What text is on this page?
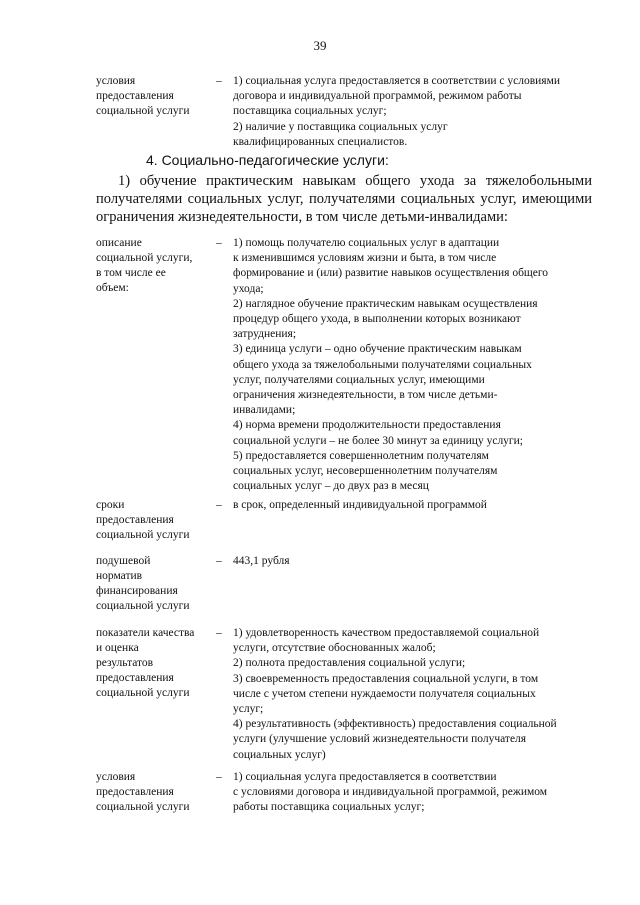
39
условия
предоставления
социальной услуги
– 1) социальная услуга предоставляется в соответствии с условиями
договора и индивидуальной программой, режимом работы
поставщика социальных услуг;
2) наличие у поставщика социальных услуг
квалифицированных специалистов.
4. Социально-педагогические услуги:
1) обучение практическим навыкам общего ухода за тяжелобольными
получателями социальных услуг, получателями социальных услуг, имеющими
ограничения жизнедеятельности, в том числе детьми-инвалидами:
описание
социальной услуги,
в том числе ее
объем:
– 1) помощь получателю социальных услуг в адаптации
к изменившимся условиям жизни и быта, в том числе
формирование и (или) развитие навыков осуществления общего
ухода;
2) наглядное обучение практическим навыкам осуществления
процедур общего ухода, в выполнении которых возникают
затруднения;
3) единица услуги – одно обучение практическим навыкам
общего ухода за тяжелобольными получателями социальных
услуг, получателями социальных услуг, имеющими
ограничения жизнедеятельности, в том числе детьми-
инвалидами;
4) норма времени продолжительности предоставления
социальной услуги – не более 30 минут за единицу услуги;
5) предоставляется совершеннолетним получателям
социальных услуг, несовершеннолетним получателям
социальных услуг – до двух раз в месяц
сроки
предоставления
социальной услуги
– в срок, определенный индивидуальной программой
подушевой
норматив
финансирования
социальной услуги
– 443,1 рубля
показатели качества
и оценка
результатов
предоставления
социальной услуги
– 1) удовлетворенность качеством предоставляемой социальной
услуги, отсутствие обоснованных жалоб;
2) полнота предоставления социальной услуги;
3) своевременность предоставления социальной услуги, в том
числе с учетом степени нуждаемости получателя социальных
услуг;
4) результативность (эффективность) предоставления социальной
услуги (улучшение условий жизнедеятельности получателя
социальных услуг)
условия
предоставления
социальной услуги
– 1) социальная услуга предоставляется в соответствии
с условиями договора и индивидуальной программой, режимом
работы поставщика социальных услуг;
